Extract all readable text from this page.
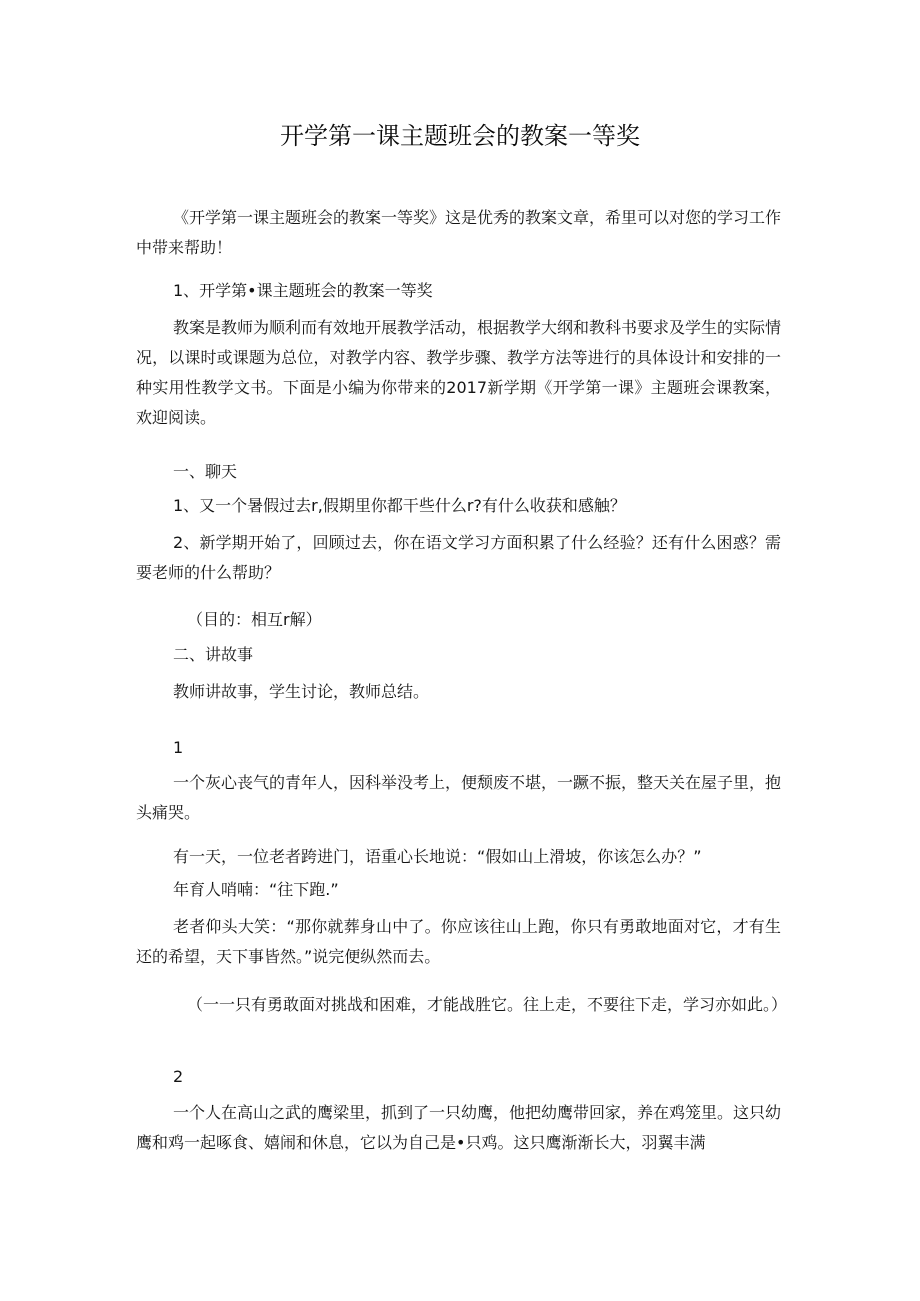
开学第一课主题班会的教案一等奖
《开学第一课主题班会的教案一等奖》这是优秀的教案文章，希里可以对您的学习工作中带来帮助！
1、开学第•课主题班会的教案一等奖
教案是教师为顺利而有效地开展教学活动，根据教学大纲和教科书要求及学生的实际情况，以课时或课题为总位，对教学内容、教学步骤、教学方法等进行的具体设计和安排的一种实用性教学文书。下面是小编为你带来的2017新学期《开学第一课》主题班会课教案，欢迎阅读。
一、聊天
1、又一个暑假过去r,假期里你都干些什么r?有什么收获和感触？
2、新学期开始了，回顾过去，你在语文学习方面积累了什么经验？还有什么困惑？需要老师的什么帮助？
（目的：相互r解）
二、讲故事
教师讲故事，学生讨论，教师总结。
1
一个灰心丧气的青年人，因科举没考上，便颓废不堪，一蹶不振，整天关在屋子里，抱头痛哭。
有一天，一位老者跨进门，语重心长地说：“假如山上滑坡，你该怎么办？”
年育人哨喃：“往下跑.”
老者仰头大笑：“那你就葬身山中了。你应该往山上跑，你只有勇敢地面对它，才有生还的希望，天下事皆然。”说完便纵然而去。
（一一只有勇敢面对挑战和困难，才能战胜它。往上走，不要往下走，学习亦如此。）
2
一个人在高山之武的鹰梁里，抓到了一只幼鹰，他把幼鹰带回家，养在鸡笼里。这只幼鹰和鸡一起啄食、嬉闹和休息，它以为自己是•只鸡。这只鹰渐渐长大，羽翼丰满
